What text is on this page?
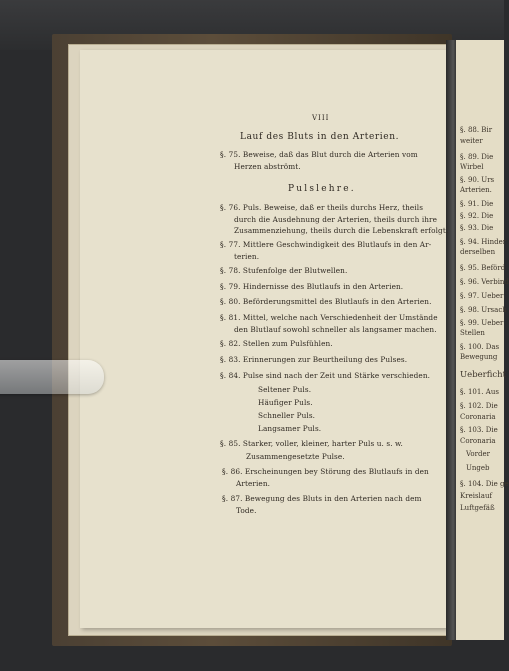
§. 88. Bir
weiter
§. 89. Die
Wirbel
§. 90. Urs
Arterien.
§. 91. Die
§. 92. Die
§. 93. Die
§. 94. Hinder
derselben
§. 95. Beförd
§. 96. Verbind
§. 97. Ueber
§. 98. Ursach
§. 99. Ueber
Stellen
§. 100. Das
Bewegung
Ueberficht
§. 101. Aus
§. 102. Die
Coronaria
§. 103. Die
Coronaria
Vorder
Ungeb
§. 104. Die ge
Kreislauf
Luftgefäß
VIII
Lauf des Bluts in den Arterien.
§. 75. Beweise, daß das Blut durch die Arterien vom
Herzen abströmt.
Pulslehre.
§. 76. Puls. Beweise, daß er theils durchs Herz, theils
durch die Ausdehnung der Arterien, theils durch ihre
Zusammenziehung, theils durch die Lebenskraft erfolgt.
§. 77. Mittlere Geschwindigkeit des Blutlaufs in den Ar-
terien.
§. 78. Stufenfolge der Blutwellen.
§. 79. Hindernisse des Blutlaufs in den Arterien.
§. 80. Beförderungsmittel des Blutlaufs in den Arterien.
§. 81. Mittel, welche nach Verschiedenheit der Umstände
den Blutlauf sowohl schneller als langsamer machen.
§. 82. Stellen zum Pulsfühlen.
§. 83. Erinnerungen zur Beurtheilung des Pulses.
§. 84. Pulse sind nach der Zeit und Stärke verschieden.
Seltener Puls.
Häufiger Puls.
Schneller Puls.
Langsamer Puls.
§. 85. Starker, voller, kleiner, harter Puls u. s. w.
Zusammengesetzte Pulse.
§. 86. Erscheinungen bey Störung des Blutlaufs in den
Arterien.
§. 87. Bewegung des Bluts in den Arterien nach dem
Tode.
